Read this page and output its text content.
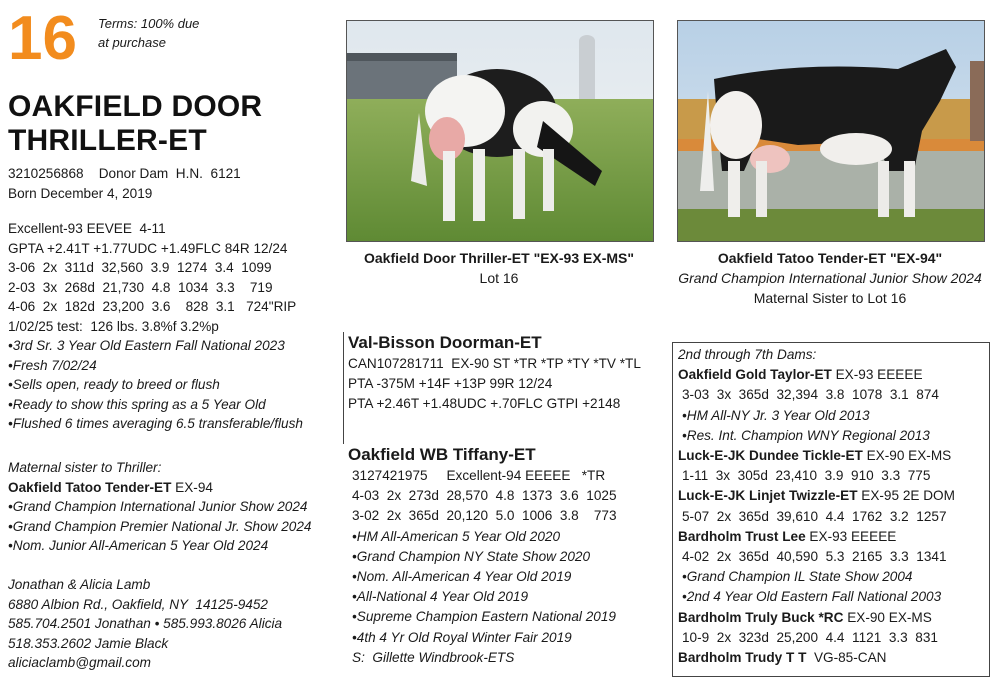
16 Terms: 100% due
at purchase
OAKFIELD DOOR
THRILLER-ET
3210256868    Donor Dam  H.N.  6121
Born December 4, 2019
Excellent-93 EEVEE  4-11
GPTA +2.41T +1.77UDC +1.49FLC 84R 12/24
3-06  2x  311d  32,560  3.9  1274  3.4  1099
2-03  3x  268d  21,730  4.8  1034  3.3    719
4-06  2x  182d  23,200  3.6    828  3.1   724"RIP
1/02/25 test:  126 lbs. 3.8%f 3.2%p
•3rd Sr. 3 Year Old Eastern Fall National 2023
•Fresh 7/02/24
•Sells open, ready to breed or flush
•Ready to show this spring as a 5 Year Old
•Flushed 6 times averaging 6.5 transferable/flush
Maternal sister to Thriller:
Oakfield Tatoo Tender-ET EX-94
•Grand Champion International Junior Show 2024
•Grand Champion Premier National Jr. Show 2024
•Nom. Junior All-American 5 Year Old 2024
Jonathan & Alicia Lamb
6880 Albion Rd., Oakfield, NY  14125-9452
585.704.2501 Jonathan • 585.993.8026 Alicia
518.353.2602 Jamie Black
aliciaclamb@gmail.com
Oakfield Door Thriller-ET "EX-93 EX-MS"
Lot 16
Oakfield Tatoo Tender-ET "EX-94"
Grand Champion International Junior Show 2024
Maternal Sister to Lot 16
Val-Bisson Doorman-ET
CAN107281711  EX-90 ST *TR *TP *TY *TV *TL
PTA -375M +14F +13P 99R 12/24
PTA +2.46T +1.48UDC +.70FLC GTPI +2148
Oakfield WB Tiffany-ET
3127421975     Excellent-94 EEEEE   *TR
4-03  2x  273d  28,570  4.8  1373  3.6  1025
3-02  2x  365d  20,120  5.0  1006  3.8    773
•HM All-American 5 Year Old 2020
•Grand Champion NY State Show 2020
•Nom. All-American 4 Year Old 2019
•All-National 4 Year Old 2019
•Supreme Champion Eastern National 2019
•4th 4 Yr Old Royal Winter Fair 2019
S:  Gillette Windbrook-ETS
2nd through 7th Dams:
Oakfield Gold Taylor-ET EX-93 EEEEE
3-03  3x  365d  32,394  3.8  1078  3.1  874
•HM All-NY Jr. 3 Year Old 2013
•Res. Int. Champion WNY Regional 2013
Luck-E-JK Dundee Tickle-ET EX-90 EX-MS
1-11  3x  305d  23,410  3.9  910  3.3  775
Luck-E-JK Linjet Twizzle-ET EX-95 2E DOM
5-07  2x  365d  39,610  4.4  1762  3.2  1257
Bardholm Trust Lee EX-93 EEEEE
4-02  2x  365d  40,590  5.3  2165  3.3  1341
•Grand Champion IL State Show 2004
•2nd 4 Year Old Eastern Fall National 2003
Bardholm Truly Buck *RC EX-90 EX-MS
10-9  2x  323d  25,200  4.4  1121  3.3  831
Bardholm Trudy T T  VG-85-CAN
